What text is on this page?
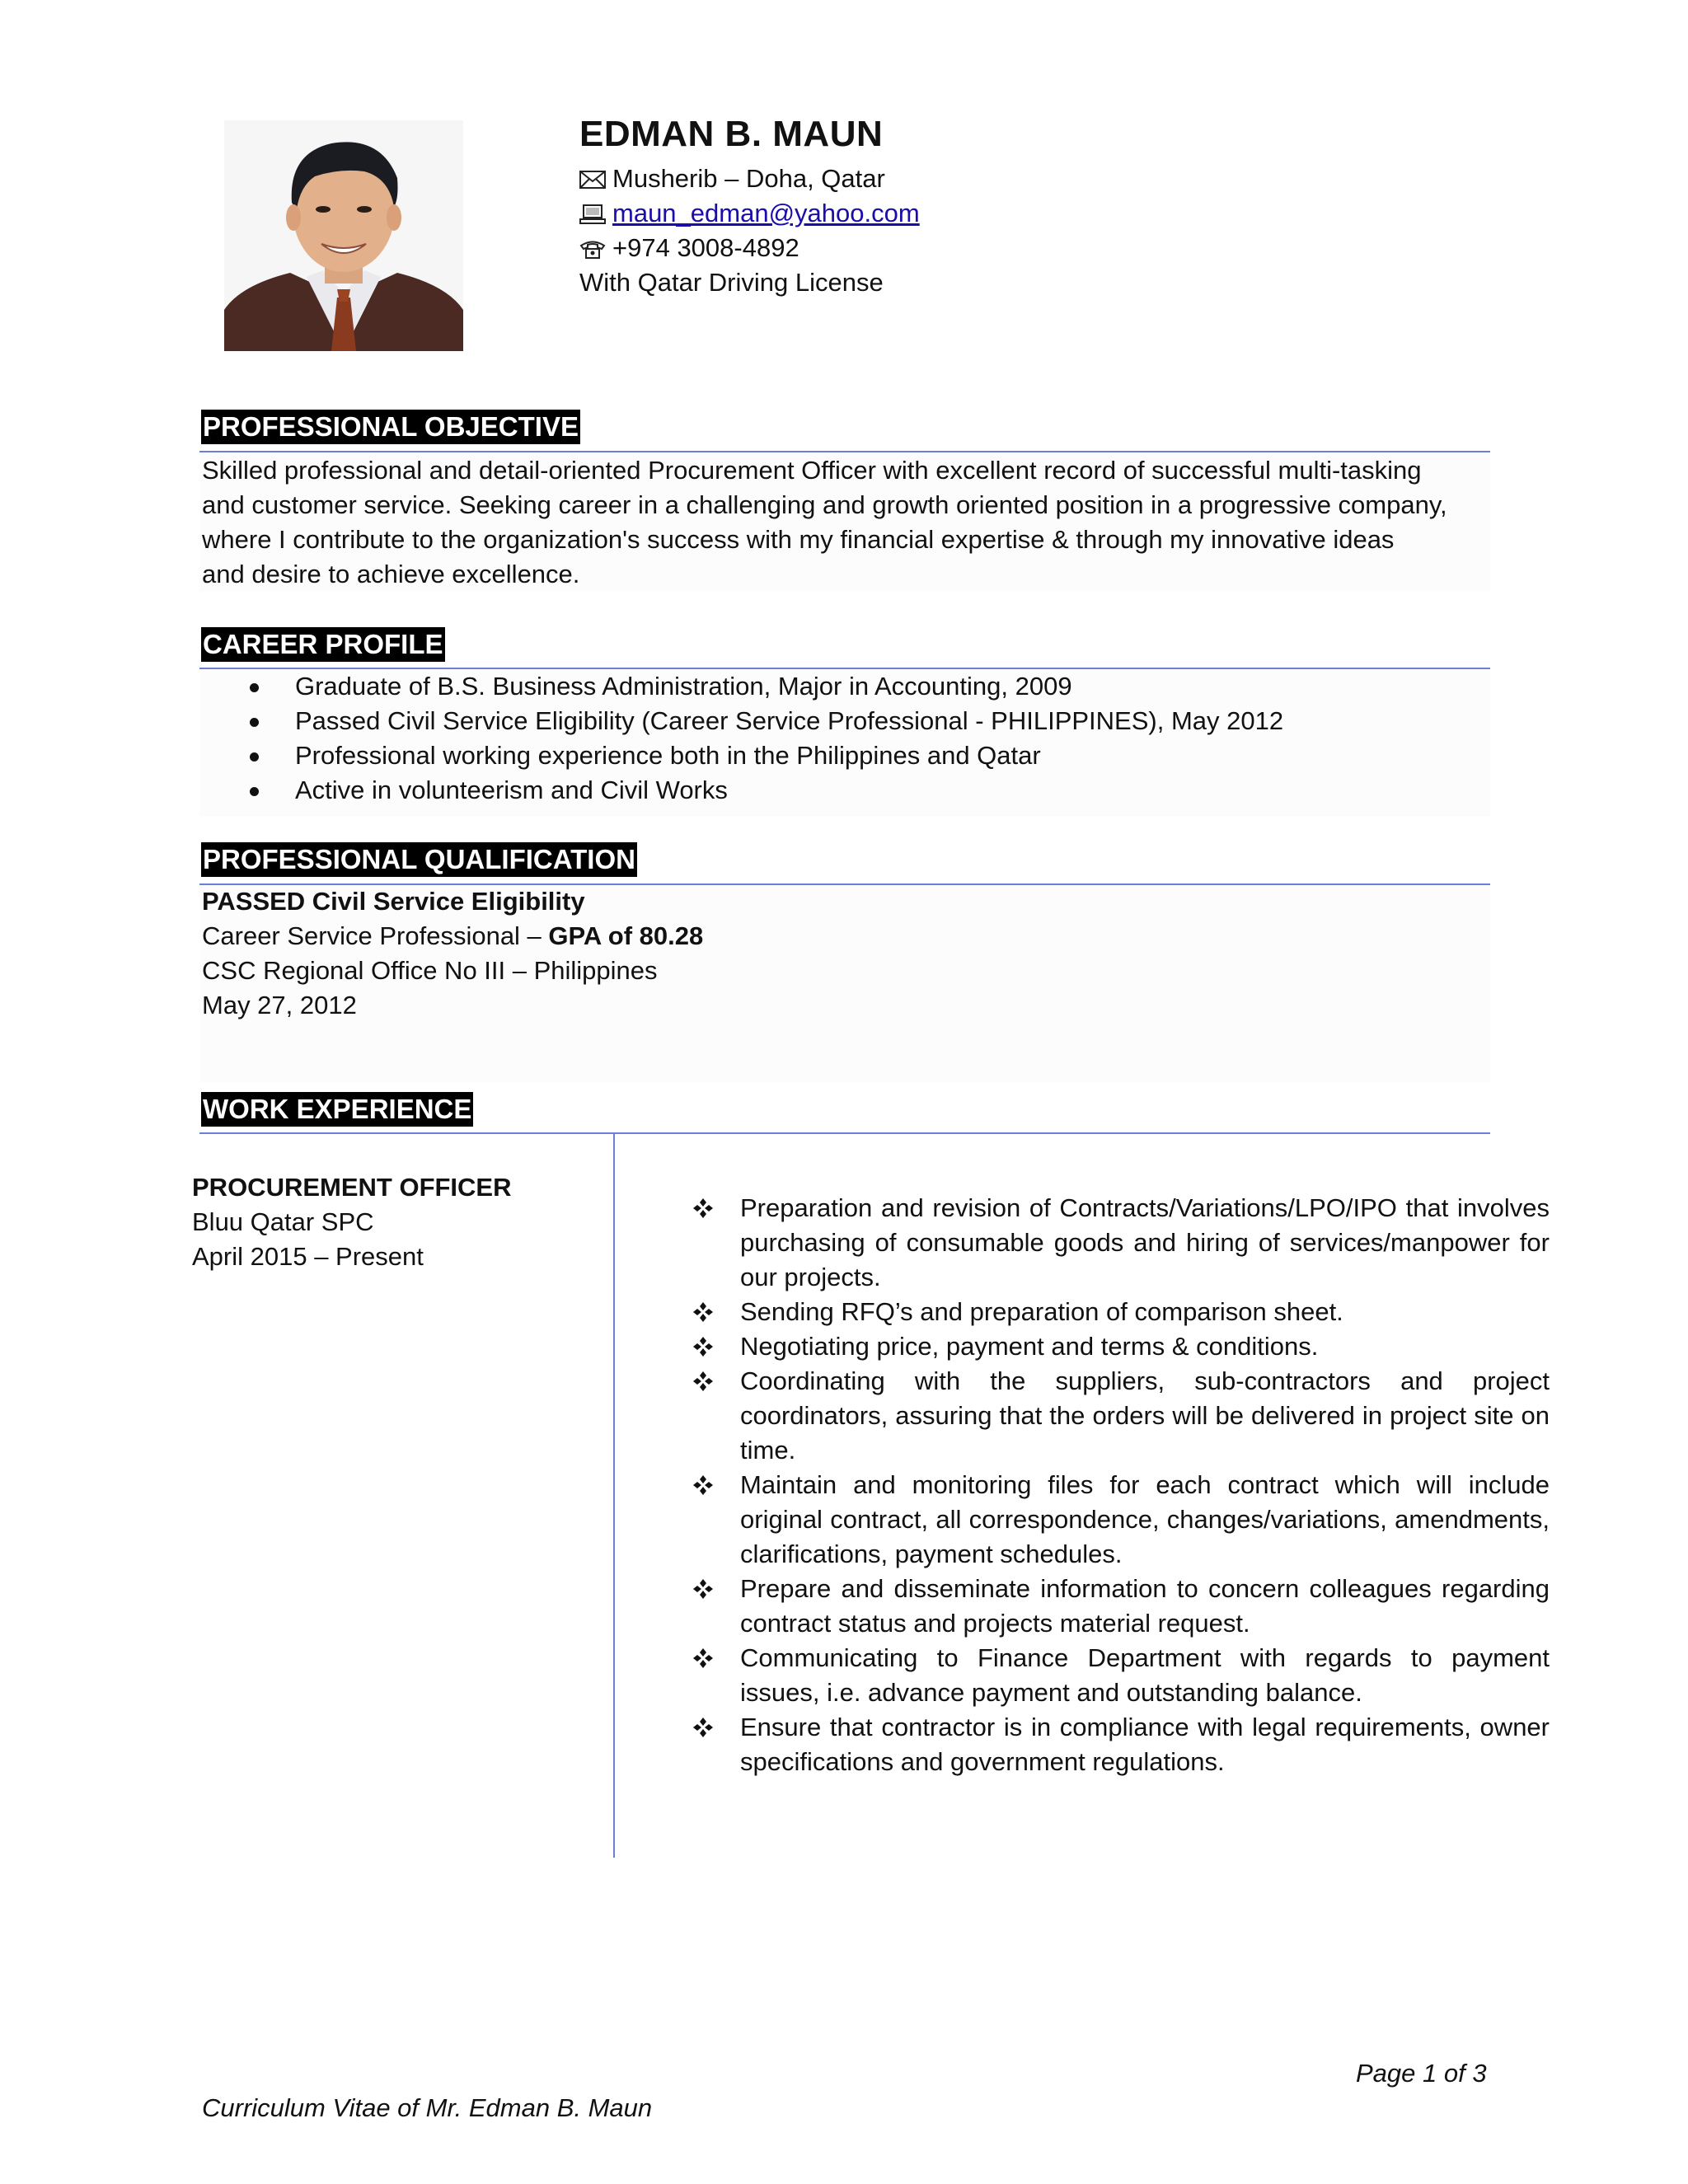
EDMAN B. MAUN
Musherib – Doha, Qatar
maun_edman@yahoo.com
+974 3008-4892
With Qatar Driving License
PROFESSIONAL OBJECTIVE
Skilled professional and detail-oriented Procurement Officer with excellent record of successful multi-tasking
and customer service. Seeking career in a challenging and growth oriented position in a progressive company,
where I contribute to the organization's success with my financial expertise & through my innovative ideas
and desire to achieve excellence.
CAREER PROFILE
Graduate of B.S. Business Administration, Major in Accounting, 2009
Passed Civil Service Eligibility (Career Service Professional - PHILIPPINES), May 2012
Professional working experience both in the Philippines and Qatar
Active in volunteerism and Civil Works
PROFESSIONAL QUALIFICATION
PASSED Civil Service Eligibility
Career Service Professional – GPA of 80.28
CSC Regional Office No III – Philippines
May 27, 2012
WORK EXPERIENCE
PROCUREMENT OFFICER
Bluu Qatar SPC
April 2015 – Present
Preparation and revision of Contracts/Variations/LPO/IPO that involves purchasing of consumable goods and hiring of services/manpower for our projects.
Sending RFQ’s and preparation of comparison sheet.
Negotiating price, payment and terms & conditions.
Coordinating with the suppliers, sub-contractors and project coordinators, assuring that the orders will be delivered in project site on time.
Maintain and monitoring files for each contract which will include original contract, all correspondence, changes/variations, amendments, clarifications, payment schedules.
Prepare and disseminate information to concern colleagues regarding contract status and projects material request.
Communicating to Finance Department with regards to payment issues, i.e. advance payment and outstanding balance.
Ensure that contractor is in compliance with legal requirements, owner specifications and government regulations.
Page 1 of 3
Curriculum Vitae of Mr. Edman B. Maun
